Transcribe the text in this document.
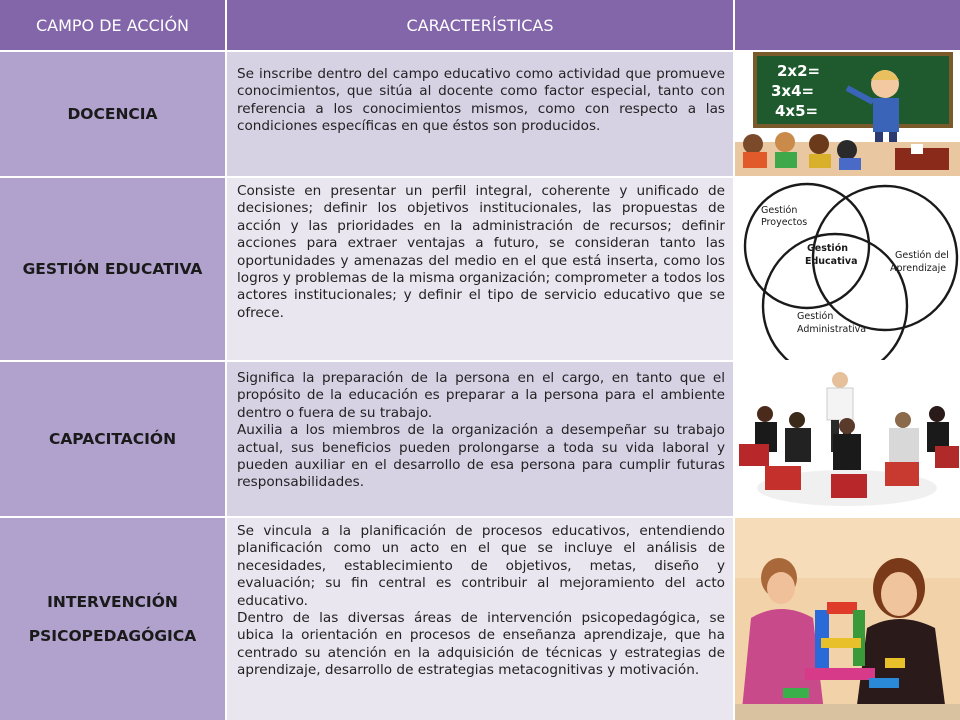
CAMPO DE ACCIÓN	CARACTERÍSTICAS
DOCENCIA

Se inscribe dentro del campo educativo como actividad que promueve conocimientos, que sitúa al docente como factor especial, tanto con referencia a los conocimientos mismos, como con respecto a las condiciones específicas en que éstos son producidos.

2x2=
3x4=
4x5=
GESTIÓN EDUCATIVA

Consiste en presentar un perfil integral, coherente y unificado de decisiones; definir los objetivos institucionales, las propuestas de acción y las prioridades en la administración de recursos; definir acciones para extraer ventajas a futuro, se consideran tanto las oportunidades y amenazas del medio en el que está inserta, como los logros y problemas de la misma organización; comprometer a todos los actores institucionales; y definir el tipo de servicio educativo que se ofrece.

Gestión
Proyectos
Gestión
Educativa
Gestión del
Aprendizaje
Gestión
Administrativa
CAPACITACIÓN

Significa la preparación de la persona en el cargo, en tanto que el propósito de la educación es preparar a la persona para el ambiente dentro o fuera de su trabajo.

Auxilia a los miembros de la organización a desempeñar su trabajo actual, sus beneficios pueden prolongarse a toda su vida laboral y pueden auxiliar en el desarrollo de esa persona para cumplir futuras responsabilidades.

INTERVENCIÓN
PSICOPEDAGÓGICA

Se vincula a la planificación de procesos educativos, entendiendo planificación como un acto en el que se incluye el análisis de necesidades, establecimiento de objetivos, metas, diseño y evaluación; su fin central es contribuir al mejoramiento del acto educativo.

Dentro de las diversas áreas de intervención psicopedagógica, se ubica la orientación en procesos de enseñanza aprendizaje, que ha centrado su atención en la adquisición de técnicas y estrategias de aprendizaje, desarrollo de estrategias metacognitivas y motivación.
